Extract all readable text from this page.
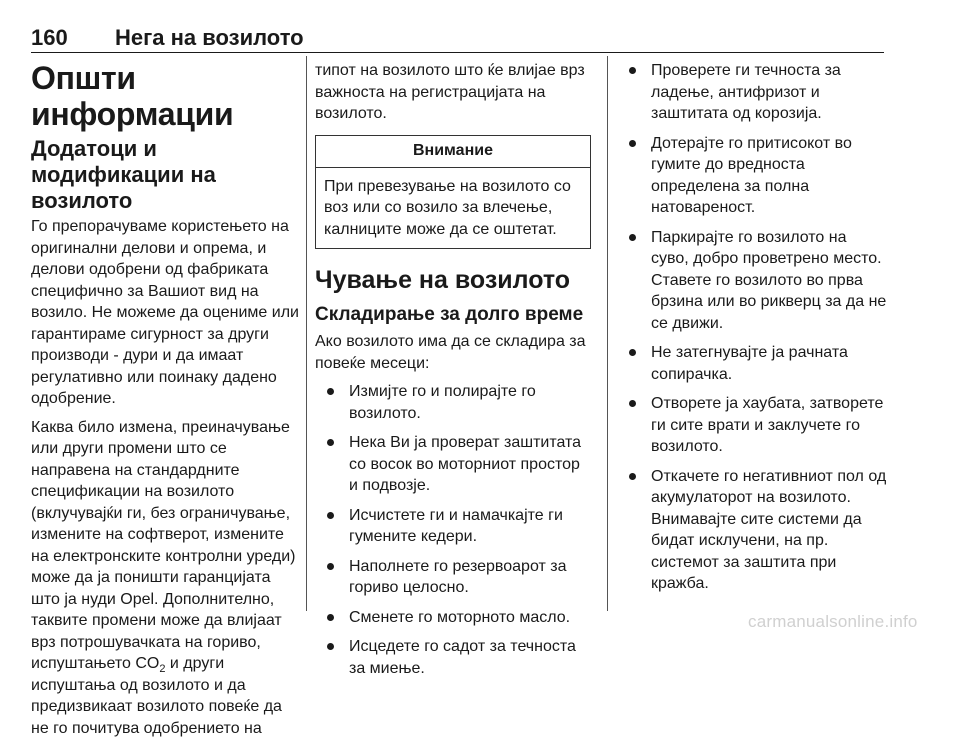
160 Нега на возилото
Општи информации
Додатоци и модификации на возилото

Го препорачуваме користењето на оригинални делови и опрема, и делови одобрени од фабриката специфично за Вашиот вид на возило. Не можеме да оцениме или гарантираме сигурност за други производи - дури и да имаат регулативно или поинаку дадено одобрение.

Каква било измена, преиначување или други промени што се направена на стандардните спецификации на возилото (вклучувајќи ги, без ограничување, измените на софтверот, измените на електронските контролни уреди) може да ја поништи гаранцијата што ја нуди Opel. Дополнително, таквите промени може да влијаат врз потрошувачката на гориво, испуштањето $CO_2$ и други испуштања од возилото и да предизвикаат возилото повеќе да не го почитува одобрението на

типот на возилото што ќе влијае врз важноста на регистрацијата на возилото.

Внимание
При превезување на возилото со воз или со возило за влечење, калниците може да се оштетат.
Чување на возилото
Складирање за долго време

Ако возилото има да се складира за повеќе месеци:

Измијте го и полирајте го возилото.
Нека Ви ја проверат заштитата со восок во моторниот простор и подвозје.
Исчистете ги и намачкајте ги гумените кедери.
Наполнете го резервоарот за гориво целосно.
Сменете го моторното масло.
Исцедете го садот за течноста за миење.
Проверете ги течноста за ладење, антифризот и заштитата од корозија.
Дотерајте го притисокот во гумите до вредноста определена за полна натовареност.
Паркирајте го возилото на суво, добро проветрено место. Ставете го возилото во прва брзина или во рикверц за да не се движи.
Не затегнувајте ја рачната сопирачка.
Отворете ја хаубата, затворете ги сите врати и заклучете го возилото.
Откачете го негативниот пол од акумулаторот на возилото. Внимавајте сите системи да бидат исклучени, на пр. системот за заштита при кражба.
carmanualsonline.info
